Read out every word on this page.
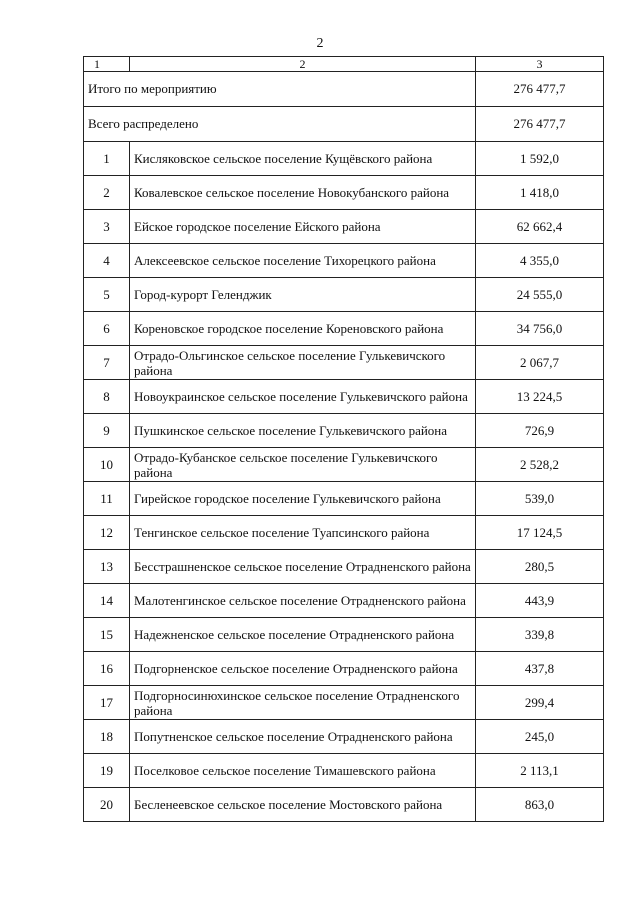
2
1	2	3
Итого по мероприятию		276 477,7
Всего распределено		276 477,7
1	Кисляковское сельское поселение Кущёвского района	1 592,0
2	Ковалевское сельское поселение Новокубанского района	1 418,0
3	Ейское городское поселение Ейского района	62 662,4
4	Алексеевское сельское поселение Тихорецкого района	4 355,0
5	Город-курорт Геленджик	24 555,0
6	Кореновское городское поселение Кореновского района	34 756,0
7	Отрадо-Ольгинское сельское поселение Гулькевичского района	2 067,7
8	Новоукраинское сельское поселение Гулькевичского района	13 224,5
9	Пушкинское сельское поселение Гулькевичского района	726,9
10	Отрадо-Кубанское сельское поселение Гулькевичского района	2 528,2
11	Гирейское городское поселение Гулькевичского района	539,0
12	Тенгинское сельское поселение Туапсинского района	17 124,5
13	Бесстрашненское сельское поселение Отрадненского района	280,5
14	Малотенгинское сельское поселение Отрадненского района	443,9
15	Надежненское сельское поселение Отрадненского района	339,8
16	Подгорненское сельское поселение Отрадненского района	437,8
17	Подгорносинюхинское сельское поселение Отрадненского района	299,4
18	Попутненское сельское поселение Отрадненского района	245,0
19	Поселковое сельское поселение Тимашевского района	2 113,1
20	Бесленеевское сельское поселение Мостовского района	863,0
